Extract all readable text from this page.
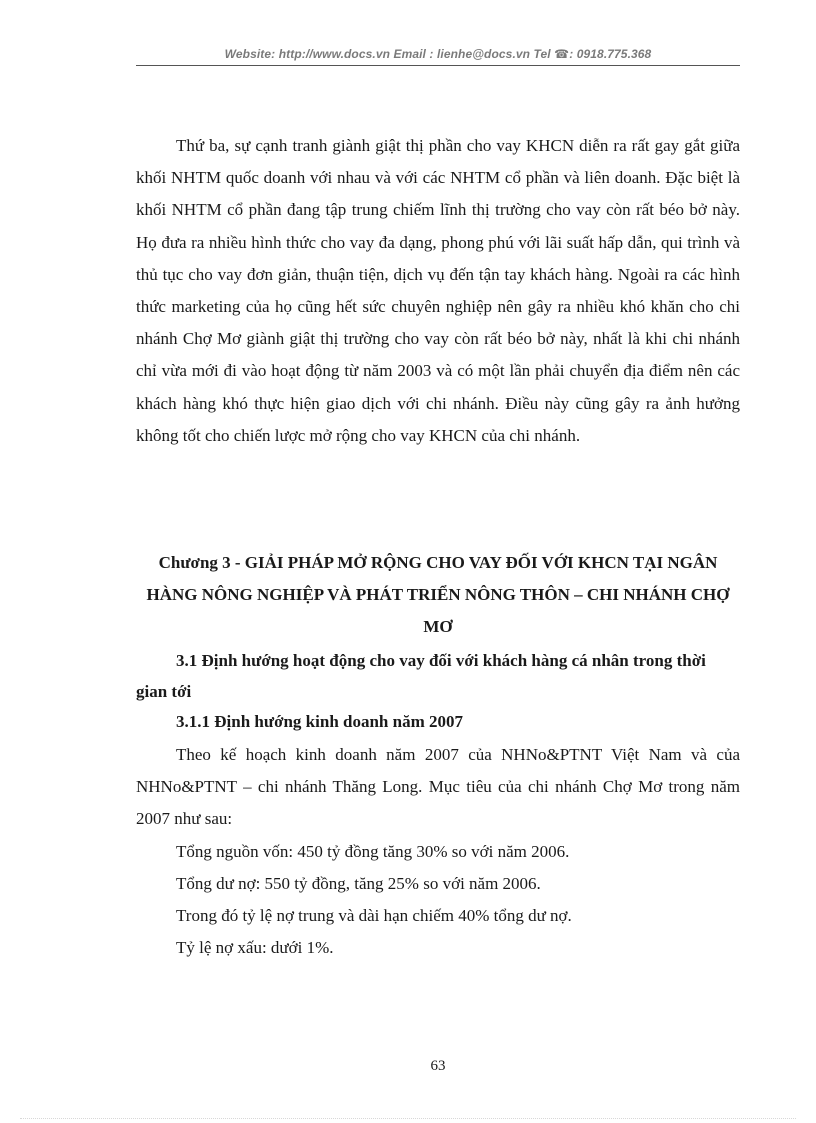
Website: http://www.docs.vn Email : lienhe@docs.vn Tel ☎: 0918.775.368

Thứ ba, sự cạnh tranh giành giật thị phần cho vay KHCN diễn ra rất gay gắt giữa khối NHTM quốc doanh với nhau và với các NHTM cổ phần và liên doanh. Đặc biệt là khối NHTM cổ phần đang tập trung chiếm lĩnh thị trường cho vay còn rất béo bở này. Họ đưa ra nhiều hình thức cho vay đa dạng, phong phú với lãi suất hấp dẫn, qui trình và thủ tục cho vay đơn giản, thuận tiện, dịch vụ đến tận tay khách hàng. Ngoài ra các hình thức marketing của họ cũng hết sức chuyên nghiệp nên gây ra nhiều khó khăn cho chi nhánh Chợ Mơ giành giật thị trường cho vay còn rất béo bở này, nhất là khi chi nhánh chỉ vừa mới đi vào hoạt động từ năm 2003 và có một lần phải chuyển địa điểm nên các khách hàng khó thực hiện giao dịch với chi nhánh. Điều này cũng gây ra ảnh hưởng không tốt cho chiến lược mở rộng cho vay KHCN của chi nhánh.

Chương 3 - GIẢI PHÁP MỞ RỘNG CHO VAY ĐỐI VỚI KHCN TẠI NGÂN HÀNG NÔNG NGHIỆP VÀ PHÁT TRIỂN NÔNG THÔN – CHI NHÁNH CHỢ MƠ

3.1 Định hướng hoạt động cho vay đối với khách hàng cá nhân trong thời gian tới

3.1.1 Định hướng kinh doanh năm 2007

Theo kế hoạch kinh doanh năm 2007 của NHNo&PTNT Việt Nam và của NHNo&PTNT – chi nhánh Thăng Long. Mục tiêu của chi nhánh Chợ Mơ trong năm 2007 như sau:

Tổng nguồn vốn: 450 tỷ đồng tăng 30% so với năm 2006.

Tổng dư nợ: 550 tỷ đồng, tăng 25% so với năm 2006.

Trong đó tỷ lệ nợ trung và dài hạn chiếm 40% tổng dư nợ.

Tỷ lệ nợ xấu: dưới 1%.

63
